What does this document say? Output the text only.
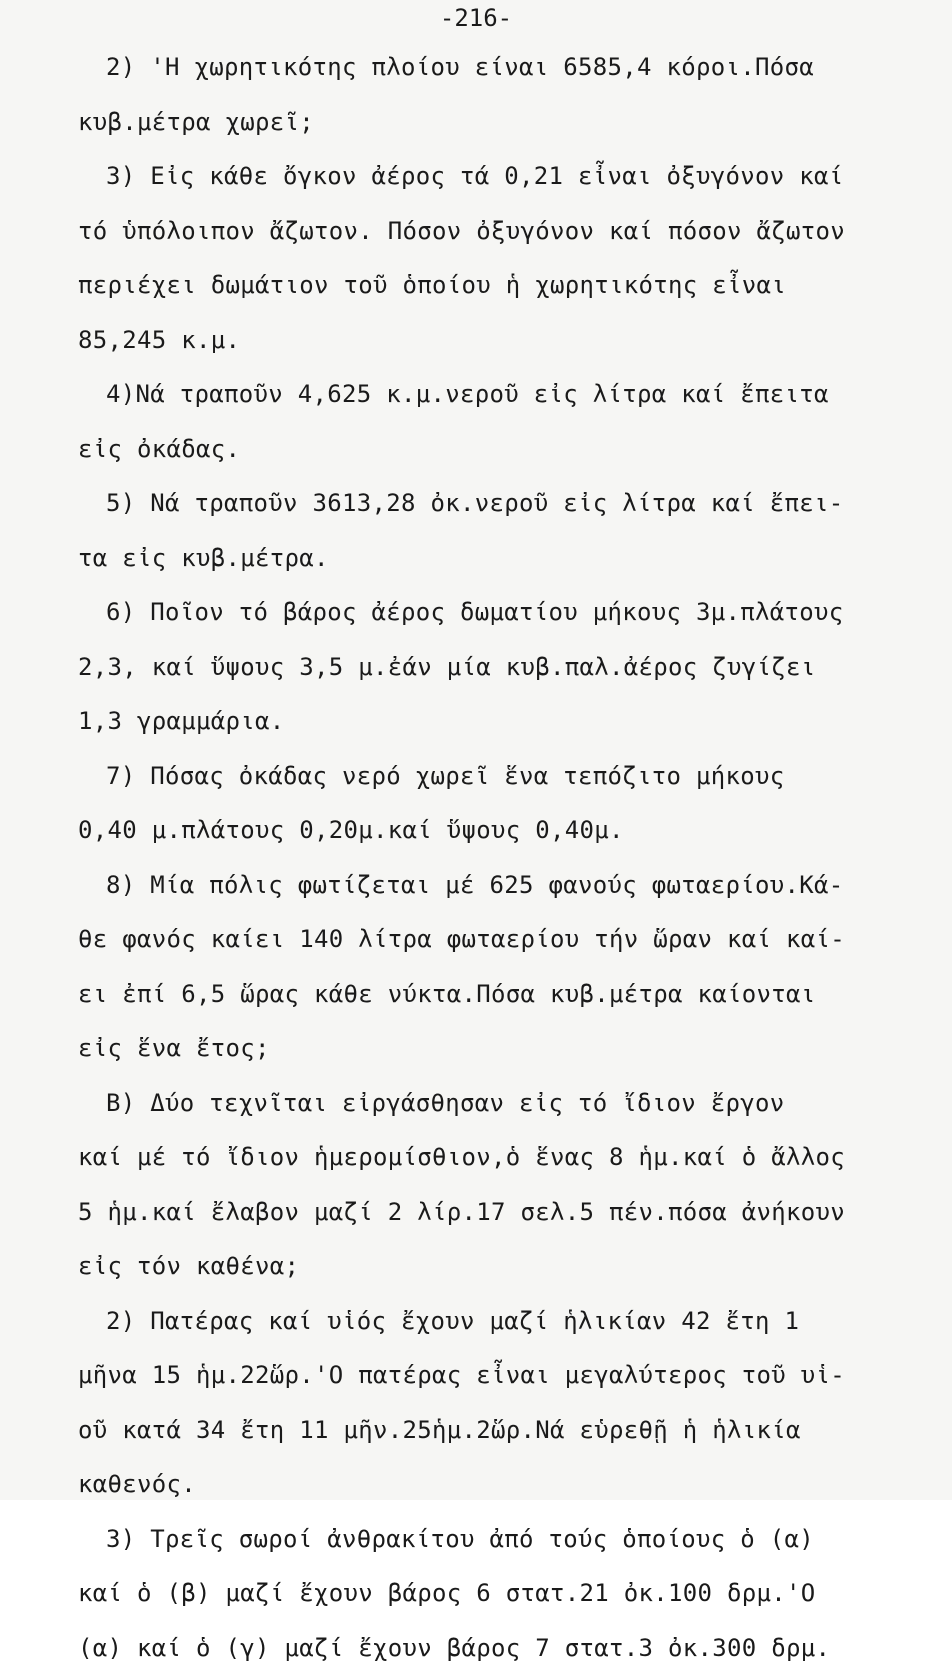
-216-
2) 'Η χωρητικότης πλοίου είναι 6585,4 κόροι.Πόσα
κυβ.μέτρα χωρεῖ;
3) Εἰς κάθε ὄγκον ἀέρος τά 0,21 εἶναι ὀξυγόνον καί
τό ὑπόλοιπον ἄζωτον. Πόσον ὀξυγόνον καί πόσον ἄζωτον
περιέχει δωμάτιον τοῦ ὁποίου ἡ χωρητικότης εἶναι
85,245 κ.μ.
4)Νά τραποῦν 4,625 κ.μ.νεροῦ εἰς λίτρα καί ἔπειτα
εἰς ὀκάδας.
5) Νά τραποῦν 3613,28 ὀκ.νεροῦ εἰς λίτρα καί ἔπει-
τα εἰς κυβ.μέτρα.
6) Ποῖον τό βάρος ἀέρος δωματίου μήκους 3μ.πλάτους
2,3, καί ὕψους 3,5 μ.ἐάν μία κυβ.παλ.ἀέρος ζυγίζει
1,3 γραμμάρια.
7) Πόσας ὀκάδας νερό χωρεῖ ἕνα τεπόζιτο μήκους
0,40 μ.πλάτους 0,20μ.καί ὕψους 0,40μ.
8) Μία πόλις φωτίζεται μέ 625 φανούς φωταερίου.Κά-
θε φανός καίει 140 λίτρα φωταερίου τήν ὥραν καί καί-
ει ἐπί 6,5 ὥρας κάθε νύκτα.Πόσα κυβ.μέτρα καίονται
εἰς ἕνα ἔτος;
Β) Δύο τεχνῖται εἰργάσθησαν εἰς τό ἴδιον ἔργον
καί μέ τό ἴδιον ἡμερομίσθιον,ὁ ἕνας 8 ἡμ.καί ὁ ἄλλος
5 ἡμ.καί ἔλαβον μαζί 2 λίρ.17 σελ.5 πέν.πόσα ἀνήκουν
εἰς τόν καθένα;
2) Πατέρας καί υἱός ἔχουν μαζί ἡλικίαν 42 ἔτη 1
μῆνα 15 ἡμ.22ὥρ.'Ο πατέρας εἶναι μεγαλύτερος τοῦ υἱ-
οῦ κατά 34 ἔτη 11 μῆν.25ἡμ.2ὥρ.Νά εὑρεθῇ ἡ ἡλικία
καθενός.
3) Τρεῖς σωροί ἀνθρακίτου ἀπό τούς ὁποίους ὁ (α)
καί ὁ (β) μαζί ἔχουν βάρος 6 στατ.21 ὀκ.100 δρμ.'Ο
(α) καί ὁ (γ) μαζί ἔχουν βάρος 7 στατ.3 ὀκ.300 δρμ.
